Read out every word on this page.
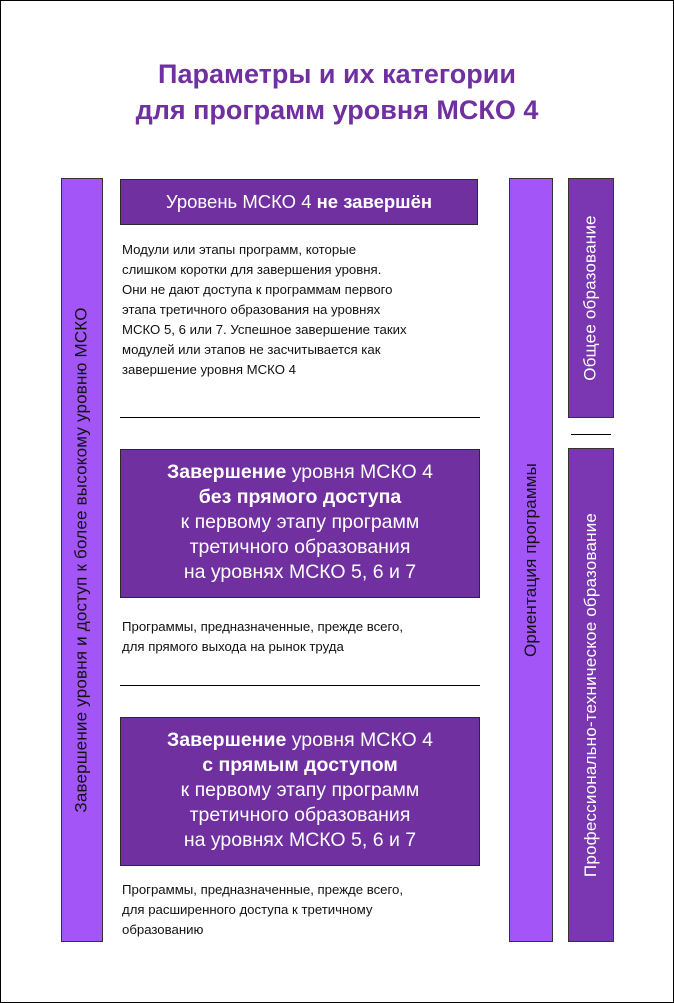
Параметры и их категории
для программ уровня МСКО 4
Завершение уровня и доступ к более высокому уровню МСКО	Ориентация программы
Общее образование
Профессионально-техническое образование
Уровень МСКО 4 не завершён
Модули или этапы программ, которые
слишком коротки для завершения уровня.
Они не дают доступа к программам первого
этапа третичного образования на уровнях
МСКО 5, 6 или 7. Успешное завершение таких
модулей или этапов не засчитывается как
завершение уровня МСКО 4
Завершение уровня МСКО 4
без прямого доступа
к первому этапу программ
третичного образования
на уровнях МСКО 5, 6 и 7
Программы, предназначенные, прежде всего,
для прямого выхода на рынок труда
Завершение уровня МСКО 4
с прямым доступом
к первому этапу программ
третичного образования
на уровнях МСКО 5, 6 и 7
Программы, предназначенные, прежде всего,
для расширенного доступа к третичному
образованию
